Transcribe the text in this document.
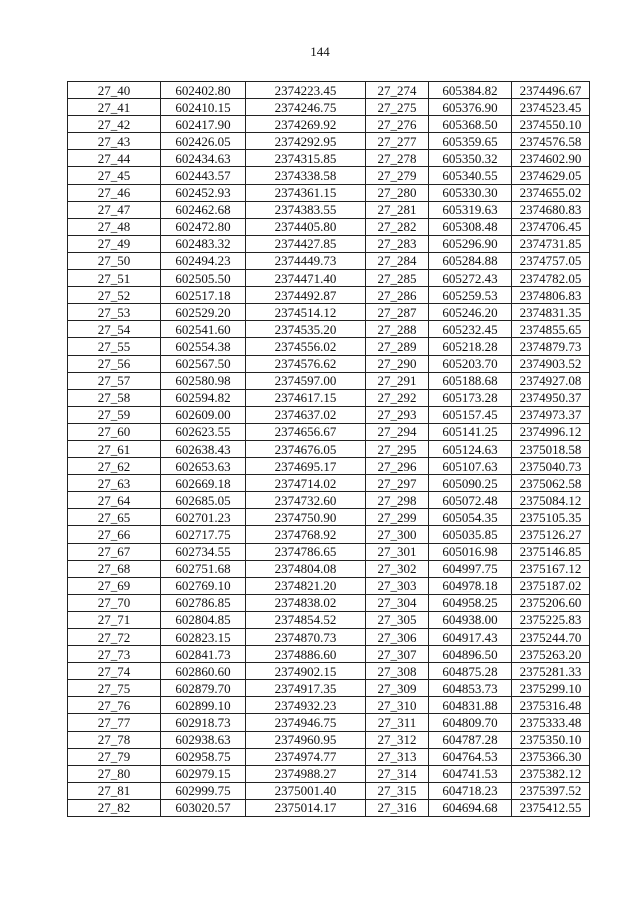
144
27_40	602402.80	2374223.45	27_274	605384.82	2374496.67
27_41	602410.15	2374246.75	27_275	605376.90	2374523.45
27_42	602417.90	2374269.92	27_276	605368.50	2374550.10
27_43	602426.05	2374292.95	27_277	605359.65	2374576.58
27_44	602434.63	2374315.85	27_278	605350.32	2374602.90
27_45	602443.57	2374338.58	27_279	605340.55	2374629.05
27_46	602452.93	2374361.15	27_280	605330.30	2374655.02
27_47	602462.68	2374383.55	27_281	605319.63	2374680.83
27_48	602472.80	2374405.80	27_282	605308.48	2374706.45
27_49	602483.32	2374427.85	27_283	605296.90	2374731.85
27_50	602494.23	2374449.73	27_284	605284.88	2374757.05
27_51	602505.50	2374471.40	27_285	605272.43	2374782.05
27_52	602517.18	2374492.87	27_286	605259.53	2374806.83
27_53	602529.20	2374514.12	27_287	605246.20	2374831.35
27_54	602541.60	2374535.20	27_288	605232.45	2374855.65
27_55	602554.38	2374556.02	27_289	605218.28	2374879.73
27_56	602567.50	2374576.62	27_290	605203.70	2374903.52
27_57	602580.98	2374597.00	27_291	605188.68	2374927.08
27_58	602594.82	2374617.15	27_292	605173.28	2374950.37
27_59	602609.00	2374637.02	27_293	605157.45	2374973.37
27_60	602623.55	2374656.67	27_294	605141.25	2374996.12
27_61	602638.43	2374676.05	27_295	605124.63	2375018.58
27_62	602653.63	2374695.17	27_296	605107.63	2375040.73
27_63	602669.18	2374714.02	27_297	605090.25	2375062.58
27_64	602685.05	2374732.60	27_298	605072.48	2375084.12
27_65	602701.23	2374750.90	27_299	605054.35	2375105.35
27_66	602717.75	2374768.92	27_300	605035.85	2375126.27
27_67	602734.55	2374786.65	27_301	605016.98	2375146.85
27_68	602751.68	2374804.08	27_302	604997.75	2375167.12
27_69	602769.10	2374821.20	27_303	604978.18	2375187.02
27_70	602786.85	2374838.02	27_304	604958.25	2375206.60
27_71	602804.85	2374854.52	27_305	604938.00	2375225.83
27_72	602823.15	2374870.73	27_306	604917.43	2375244.70
27_73	602841.73	2374886.60	27_307	604896.50	2375263.20
27_74	602860.60	2374902.15	27_308	604875.28	2375281.33
27_75	602879.70	2374917.35	27_309	604853.73	2375299.10
27_76	602899.10	2374932.23	27_310	604831.88	2375316.48
27_77	602918.73	2374946.75	27_311	604809.70	2375333.48
27_78	602938.63	2374960.95	27_312	604787.28	2375350.10
27_79	602958.75	2374974.77	27_313	604764.53	2375366.30
27_80	602979.15	2374988.27	27_314	604741.53	2375382.12
27_81	602999.75	2375001.40	27_315	604718.23	2375397.52
27_82	603020.57	2375014.17	27_316	604694.68	2375412.55
